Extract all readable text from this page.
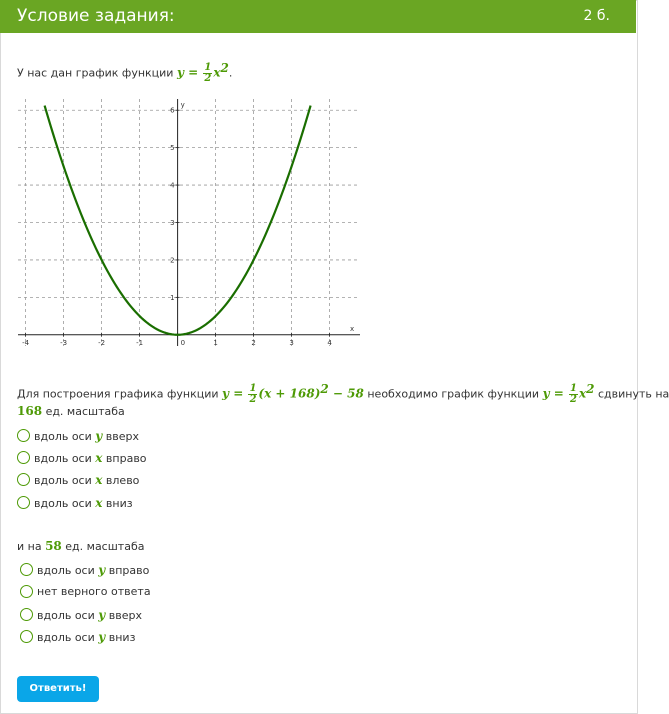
Условие задания:	2 б.
У нас дан график функции $y = \frac{1}{2} x^2$.
-4	-3	-2	-1	0	1	2	3	4
1
2
3
4
5
6
x
y
Для построения графика функции $y = \frac{1}{2} (x + 168)^2 - 58$ необходимо график функции $y = \frac{1}{2} x^2$ сдвинуть на
168 ед. масштаба
вдоль оси y вверх
вдоль оси x вправо
вдоль оси x влево
вдоль оси x вниз
и на 58 ед. масштаба
вдоль оси y вправо
нет верного ответа
вдоль оси y вверх
вдоль оси y вниз
Ответить!
